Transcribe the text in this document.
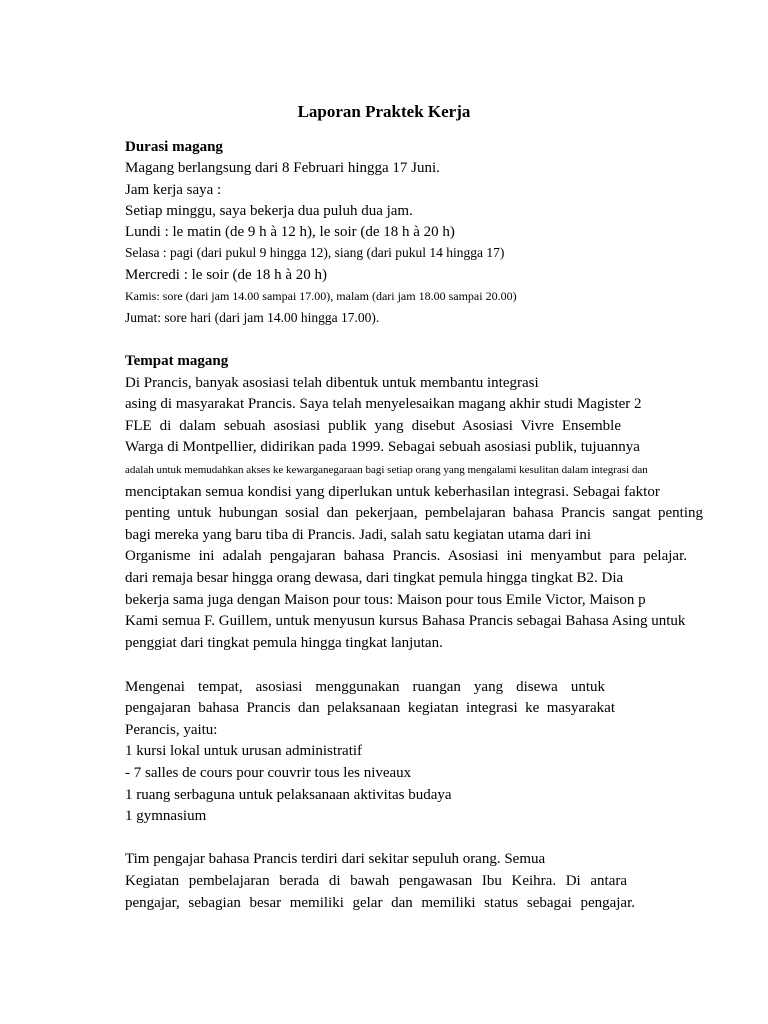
Laporan Praktek Kerja
Durasi magang
Magang berlangsung dari 8 Februari hingga 17 Juni.
Jam kerja saya :
Setiap minggu, saya bekerja dua puluh dua jam.
Lundi : le matin (de 9 h à 12 h), le soir (de 18 h à 20 h)
Selasa : pagi (dari pukul 9 hingga 12), siang (dari pukul 14 hingga 17)
Mercredi : le soir (de 18 h à 20 h)
Kamis: sore (dari jam 14.00 sampai 17.00), malam (dari jam 18.00 sampai 20.00)
Jumat: sore hari (dari jam 14.00 hingga 17.00).
Tempat magang
Di Prancis, banyak asosiasi telah dibentuk untuk membantu integrasi
asing di masyarakat Prancis. Saya telah menyelesaikan magang akhir studi Magister 2
FLE di dalam sebuah asosiasi publik yang disebut Asosiasi Vivre Ensemble
Warga di Montpellier, didirikan pada 1999. Sebagai sebuah asosiasi publik, tujuannya
adalah untuk memudahkan akses ke kewarganegaraan bagi setiap orang yang mengalami kesulitan dalam integrasi dan
menciptakan semua kondisi yang diperlukan untuk keberhasilan integrasi. Sebagai faktor
penting untuk hubungan sosial dan pekerjaan, pembelajaran bahasa Prancis sangat penting
bagi mereka yang baru tiba di Prancis. Jadi, salah satu kegiatan utama dari ini
Organisme ini adalah pengajaran bahasa Prancis. Asosiasi ini menyambut para pelajar.
dari remaja besar hingga orang dewasa, dari tingkat pemula hingga tingkat B2. Dia
bekerja sama juga dengan Maison pour tous: Maison pour tous Emile Victor, Maison p
Kami semua F. Guillem, untuk menyusun kursus Bahasa Prancis sebagai Bahasa Asing untuk
penggiat dari tingkat pemula hingga tingkat lanjutan.
Mengenai tempat, asosiasi menggunakan ruangan yang disewa untuk
pengajaran bahasa Prancis dan pelaksanaan kegiatan integrasi ke masyarakat
Perancis, yaitu:
1 kursi lokal untuk urusan administratif
- 7 salles de cours pour couvrir tous les niveaux
1 ruang serbaguna untuk pelaksanaan aktivitas budaya
1 gymnasium
Tim pengajar bahasa Prancis terdiri dari sekitar sepuluh orang. Semua
Kegiatan pembelajaran berada di bawah pengawasan Ibu Keihra. Di antara
pengajar, sebagian besar memiliki gelar dan memiliki status sebagai pengajar.
